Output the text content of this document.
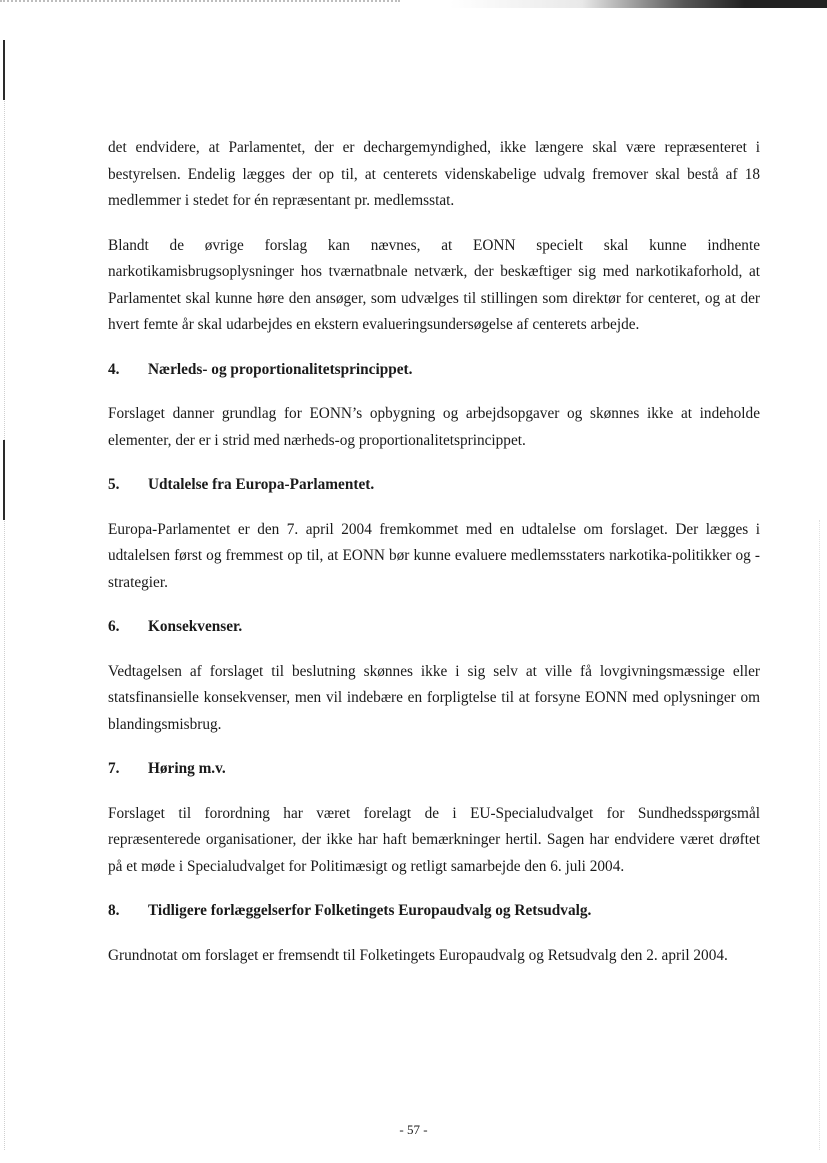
det endvidere, at Parlamentet, der er dechargemyndighed, ikke længere skal være repræsenteret i bestyrelsen. Endelig lægges der op til, at centerets videnskabelige udvalg fremover skal bestå af 18 medlemmer i stedet for én repræsentant pr. medlemsstat.

Blandt de øvrige forslag kan nævnes, at EONN specielt skal kunne indhente narkotikamisbrugsoplysninger hos tværnatbnale netværk, der beskæftiger sig med narkotikaforhold, at Parlamentet skal kunne høre den ansøger, som udvælges til stillingen som direktør for centeret, og at der hvert femte år skal udarbejdes en ekstern evalueringsundersøgelse af centerets arbejde.

4.	Nærleds- og proportionalitetsprincippet.

Forslaget danner grundlag for EONN’s opbygning og arbejdsopgaver og skønnes ikke at indeholde elementer, der er i strid med nærheds-og proportionalitetsprincippet.

5.	Udtalelse fra Europa-Parlamentet.

Europa-Parlamentet er den 7. april 2004 fremkommet med en udtalelse om forslaget. Der lægges i udtalelsen først og fremmest op til, at EONN bør kunne evaluere medlemsstaters narkotika-politikker og -strategier.

6.	Konsekvenser.

Vedtagelsen af forslaget til beslutning skønnes ikke i sig selv at ville få lovgivningsmæssige eller statsfinansielle konsekvenser, men vil indebære en forpligtelse til at forsyne EONN med oplysninger om blandingsmisbrug.

7.	Høring m.v.

Forslaget til forordning har været forelagt de i EU-Specialudvalget for Sundhedsspørgsmål repræsenterede organisationer, der ikke har haft bemærkninger hertil. Sagen har endvidere været drøftet på et møde i Specialudvalget for Politimæsigt og retligt samarbejde den 6. juli 2004.

8.	Tidligere forlæggelserfor Folketingets Europaudvalg og Retsudvalg.

Grundnotat om forslaget er fremsendt til Folketingets Europaudvalg og Retsudvalg den 2. april 2004.

- 57 -
